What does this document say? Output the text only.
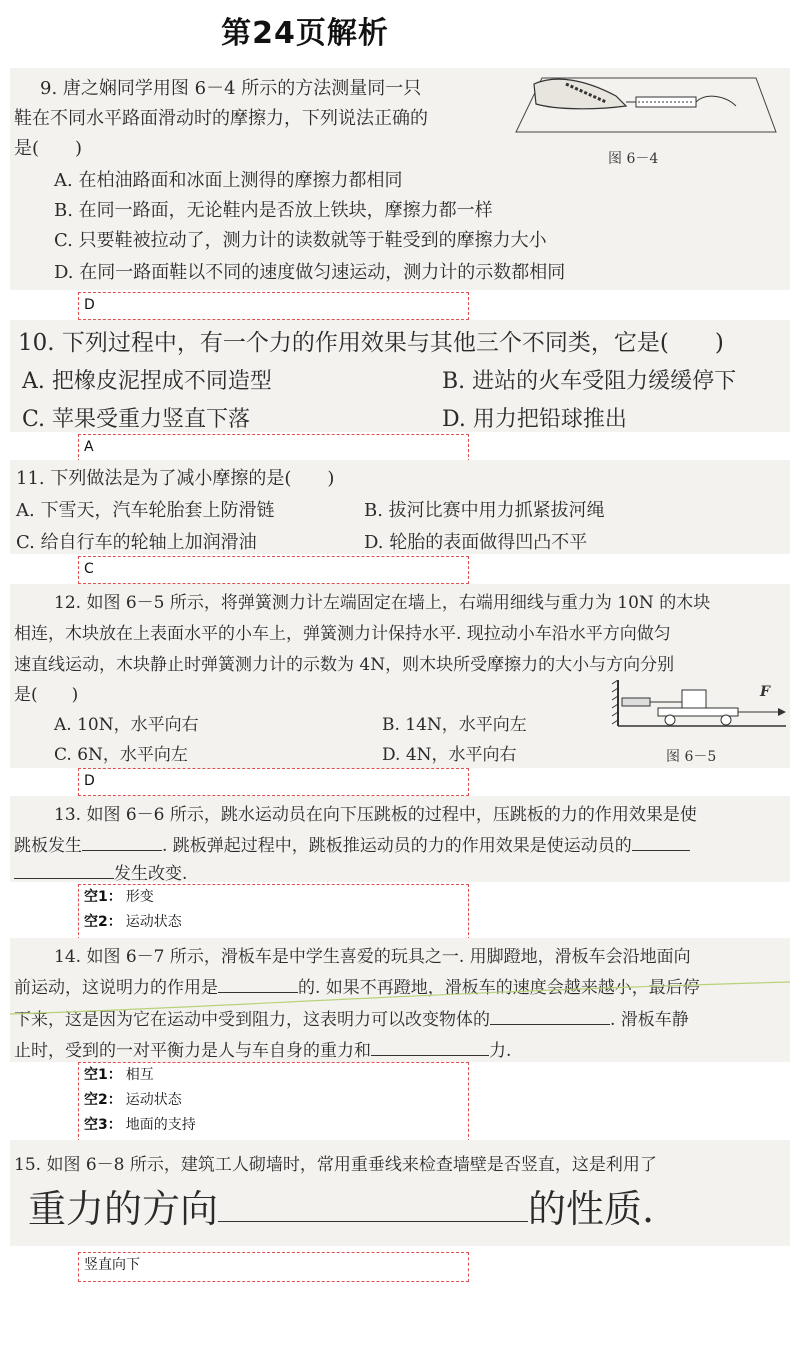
第24页解析
9. 唐之娴同学用图 6－4 所示的方法测量同一只
鞋在不同水平路面滑动时的摩擦力，下列说法正确的
是(　　)
A. 在柏油路面和冰面上测得的摩擦力都相同
B. 在同一路面，无论鞋内是否放上铁块，摩擦力都一样
C. 只要鞋被拉动了，测力计的读数就等于鞋受到的摩擦力大小
D. 在同一路面鞋以不同的速度做匀速运动，测力计的示数都相同
图 6－4
D
10. 下列过程中，有一个力的作用效果与其他三个不同类，它是(　　)
A. 把橡皮泥捏成不同造型	B. 进站的火车受阻力缓缓停下
C. 苹果受重力竖直下落	D. 用力把铅球推出
A
11. 下列做法是为了减小摩擦的是(　　)
A. 下雪天，汽车轮胎套上防滑链	B. 拔河比赛中用力抓紧拔河绳
C. 给自行车的轮轴上加润滑油	D. 轮胎的表面做得凹凸不平
C
12. 如图 6－5 所示，将弹簧测力计左端固定在墙上，右端用细线与重力为 10N 的木块
相连，木块放在上表面水平的小车上，弹簧测力计保持水平. 现拉动小车沿水平方向做匀
速直线运动，木块静止时弹簧测力计的示数为 4N，则木块所受摩擦力的大小与方向分别
是(　　)
A. 10N，水平向右	B. 14N，水平向左
C. 6N，水平向左	D. 4N，水平向右
F
图 6－5
D
13. 如图 6－6 所示，跳水运动员在向下压跳板的过程中，压跳板的力的作用效果是使
跳板发生	. 跳板弹起过程中，跳板推运动员的力的作用效果是使运动员的
发生改变.
空1： 形变
空2： 运动状态
14. 如图 6－7 所示，滑板车是中学生喜爱的玩具之一. 用脚蹬地，滑板车会沿地面向
前运动，这说明力的作用是	的. 如果不再蹬地，滑板车的速度会越来越小，最后停
下来，这是因为它在运动中受到阻力，这表明力可以改变物体的	. 滑板车静
止时，受到的一对平衡力是人与车自身的重力和	力.
空1： 相互
空2： 运动状态
空3： 地面的支持
15. 如图 6－8 所示，建筑工人砌墙时，常用重垂线来检查墙壁是否竖直，这是利用了
重力的方向	的性质.
竖直向下
